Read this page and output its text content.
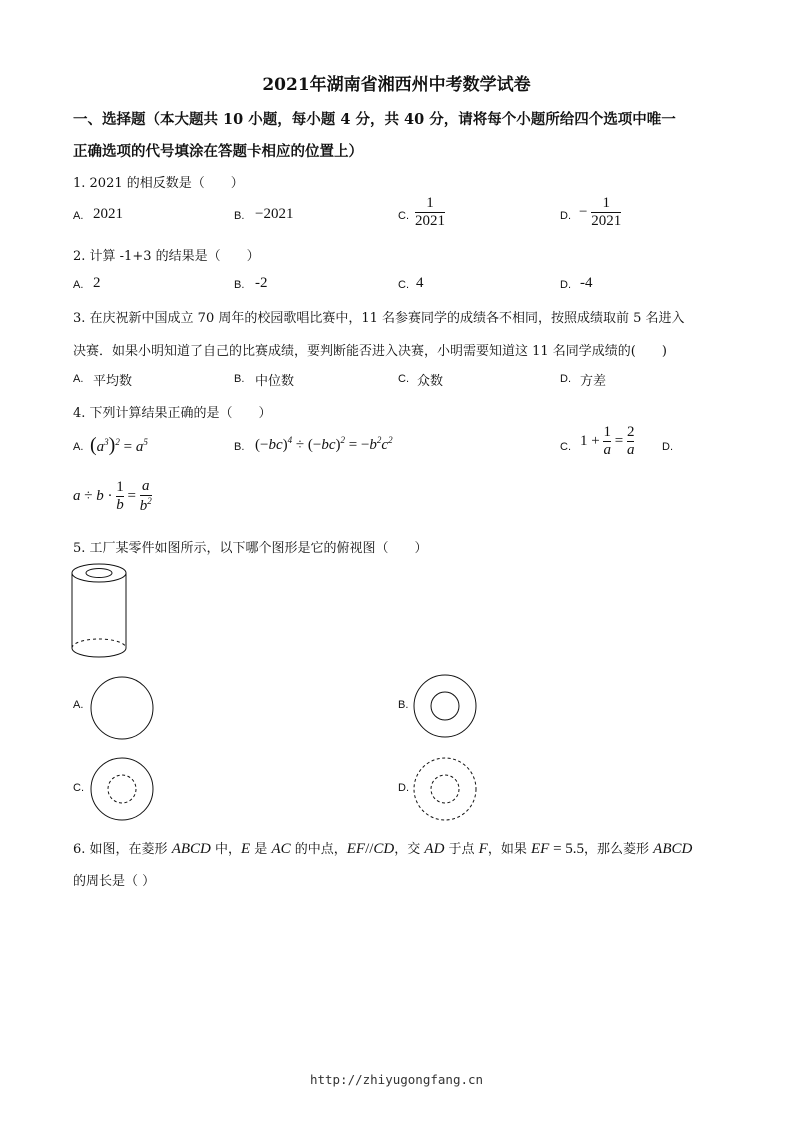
2021年湖南省湘西州中考数学试卷
一、选择题（本大题共 10 小题，每小题 4 分，共 40 分，请将每个小题所给四个选项中唯一
正确选项的代号填涂在答题卡相应的位置上）
1. 2021 的相反数是（　　）
A. 2021	B. −2021	C. $\frac{1}{2021}$	D. − $\frac{1}{2021}$
2. 计算 -1+3 的结果是（　　）
A. 2	B. -2	C. 4	D. -4
3. 在庆祝新中国成立 70 周年的校园歌唱比赛中，11 名参赛同学的成绩各不相同，按照成绩取前 5 名进入
决赛．如果小明知道了自己的比赛成绩，要判断能否进入决赛，小明需要知道这 11 名同学成绩的(　　)
A. 平均数	B. 中位数	C. 众数	D. 方差
4. 下列计算结果正确的是（　　）
A. $(a^3)^2 = a^5$	B. $(-bc)^4 \div (-bc)^2 = -b^2c^2$
C. $1 + \frac{1}{a} = \frac{2}{a}$	D.
$a \div b \cdot \frac{1}{b} = \frac{a}{b^2}$
5. 工厂某零件如图所示，以下哪个图形是它的俯视图（　　）
A.	B.
C.	D.
6. 如图，在菱形 ABCD 中，E 是 AC 的中点，EF//CD，交 AD 于点 F，如果 EF = 5.5，那么菱形 ABCD
的周长是（ ）
http://zhiyugongfang.cn
